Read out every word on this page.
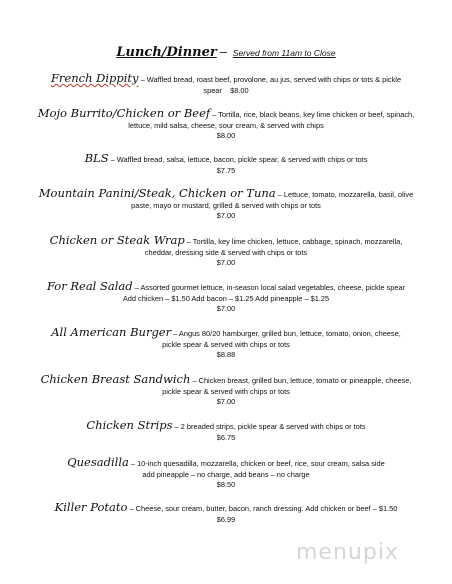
Lunch/Dinner – Served from 11am to Close
French Dippity – Waffled bread, roast beef, provolone, au jus, served with chips or tots & pickle
spear $8.00
Mojo Burrito/Chicken or Beef – Tortilla, rice, black beans, key lime chicken or beef, spinach,
lettuce, mild salsa, cheese, sour cream, & served with chips
$8.00
BLS – Waffled bread, salsa, lettuce, bacon, pickle spear, & served with chips or tots
$7.75
Mountain Panini/Steak, Chicken or Tuna – Lettuce, tomato, mozzarella, basil, olive
paste, mayo or mustard, grilled & served with chips or tots
$7.00
Chicken or Steak Wrap – Tortilla, key lime chicken, lettuce, cabbage, spinach, mozzarella,
cheddar, dressing side & served with chips or tots
$7.00
For Real Salad – Assorted gourmet lettuce, in-season local salad vegetables, cheese, pickle spear
Add chicken – $1.50 Add bacon – $1.25 Add pineapple – $1.25
$7.00
All American Burger – Angus 80/20 hamburger, grilled bun, lettuce, tomato, onion, cheese,
pickle spear & served with chips or tots
$8.88
Chicken Breast Sandwich – Chicken breast, grilled bun, lettuce, tomato or pineapple, cheese,
pickle spear & served with chips or tots
$7.00
Chicken Strips – 2 breaded strips, pickle spear & served with chips or tots
$6.75
Quesadilla – 10-inch quesadilla, mozzarella, chicken or beef, rice, sour cream, salsa side
add pineapple – no charge, add beans – no charge
$8.50
Killer Potato – Cheese, sour cream, butter, bacon, ranch dressing. Add chicken or beef – $1.50
$6.99
menupix
